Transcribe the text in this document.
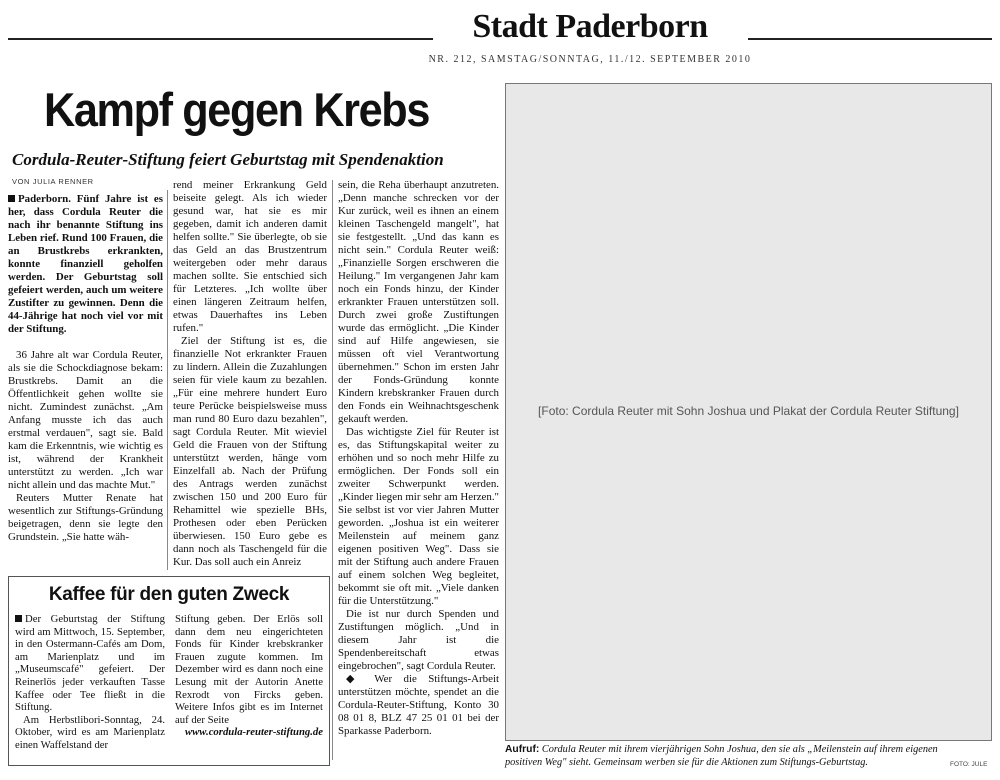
Stadt Paderborn
NR. 212, SAMSTAG/SONNTAG, 11./12. SEPTEMBER 2010
Kampf gegen Krebs
Cordula-Reuter-Stiftung feiert Geburtstag mit Spendenaktion
VON JULIA RENNER

Paderborn. Fünf Jahre ist es her, dass Cordula Reuter die nach ihr benannte Stiftung ins Leben rief. Rund 100 Frauen, die an Brustkrebs erkrankten, konnte finanziell geholfen werden. Der Geburtstag soll gefeiert werden, auch um weitere Zustifter zu gewinnen. Denn die 44-Jährige hat noch viel vor mit der Stiftung.

36 Jahre alt war Cordula Reuter, als sie die Schockdiagnose bekam: Brustkrebs. Damit an die Öffentlichkeit gehen wollte sie nicht. Zumindest zunächst. „Am Anfang musste ich das auch erstmal verdauen", sagt sie. Bald kam die Erkenntnis, wie wichtig es ist, während der Krankheit unterstützt zu werden. „Ich war nicht allein und das machte Mut."

Reuters Mutter Renate hat wesentlich zur Stiftungs-Gründung beigetragen, denn sie legte den Grundstein. „Sie hatte wäh-

rend meiner Erkrankung Geld beiseite gelegt. Als ich wieder gesund war, hat sie es mir gegeben, damit ich anderen damit helfen sollte." Sie überlegte, ob sie das Geld an das Brustzentrum weitergeben oder mehr daraus machen sollte. Sie entschied sich für Letzteres. „Ich wollte über einen längeren Zeitraum helfen, etwas Dauerhaftes ins Leben rufen."

Ziel der Stiftung ist es, die finanzielle Not erkrankter Frauen zu lindern. Allein die Zuzahlungen seien für viele kaum zu bezahlen. „Für eine mehrere hundert Euro teure Perücke beispielsweise muss man rund 80 Euro dazu bezahlen", sagt Cordula Reuter. Mit wieviel Geld die Frauen von der Stiftung unterstützt werden, hänge vom Einzelfall ab. Nach der Prüfung des Antrags werden zunächst zwischen 150 und 200 Euro für Rehamittel wie spezielle BHs, Prothesen oder eben Perücken überwiesen. 150 Euro gebe es dann noch als Taschengeld für die Kur. Das soll auch ein Anreiz

sein, die Reha überhaupt anzutreten. „Denn manche schrecken vor der Kur zurück, weil es ihnen an einem kleinen Taschengeld mangelt", hat sie festgestellt. „Und das kann es nicht sein." Cordula Reuter weiß: „Finanzielle Sorgen erschweren die Heilung." Im vergangenen Jahr kam noch ein Fonds hinzu, der Kinder erkrankter Frauen unterstützen soll. Durch zwei große Zustiftungen wurde das ermöglicht. „Die Kinder sind auf Hilfe angewiesen, sie müssen oft viel Verantwortung übernehmen." Schon im ersten Jahr der Fonds-Gründung konnte Kindern krebskranker Frauen durch den Fonds ein Weihnachtsgeschenk gekauft werden.

Das wichtigste Ziel für Reuter ist es, das Stiftungskapital weiter zu erhöhen und so noch mehr Hilfe zu ermöglichen. Der Fonds soll ein zweiter Schwerpunkt werden. „Kinder liegen mir sehr am Herzen." Sie selbst ist vor vier Jahren Mutter geworden. „Joshua ist ein weiterer Meilenstein auf meinem ganz eigenen positiven Weg". Dass sie mit der Stiftung auch andere Frauen auf einem solchen Weg begleitet, bekommt sie oft mit. „Viele danken für die Unterstützung."

Die ist nur durch Spenden und Zustiftungen möglich. „Und in diesem Jahr ist die Spendenbereitschaft etwas eingebrochen", sagt Cordula Reuter.

◆ Wer die Stiftungs-Arbeit unterstützen möchte, spendet an die Cordula-Reuter-Stiftung, Konto 30 08 01 8, BLZ 47 25 01 01 bei der Sparkasse Paderborn.

Kaffee für den guten Zweck

Der Geburtstag der Stiftung wird am Mittwoch, 15. September, in den Ostermann-Cafés am Dom, am Marienplatz und im „Museumscafé" gefeiert. Der Reinerlös jeder verkauften Tasse Kaffee oder Tee fließt in die Stiftung.

Am Herbstlibori-Sonntag, 24. Oktober, wird es am Marienplatz einen Waffelstand der

Stiftung geben. Der Erlös soll dann dem neu eingerichteten Fonds für Kinder krebskranker Frauen zugute kommen. Im Dezember wird es dann noch eine Lesung mit der Autorin Anette Rexrodt von Fircks geben. Weitere Infos gibt es im Internet auf der Seite

www.cordula-reuter-stiftung.de

[Foto: Cordula Reuter mit Sohn Joshua und Plakat der Cordula Reuter Stiftung]
Aufruf: Cordula Reuter mit ihrem vierjährigen Sohn Joshua, den sie als „Meilenstein auf ihrem eigenen positiven Weg" sieht. Gemeinsam werben sie für die Aktionen zum Stiftungs-Geburtstag.	FOTO: JULE
